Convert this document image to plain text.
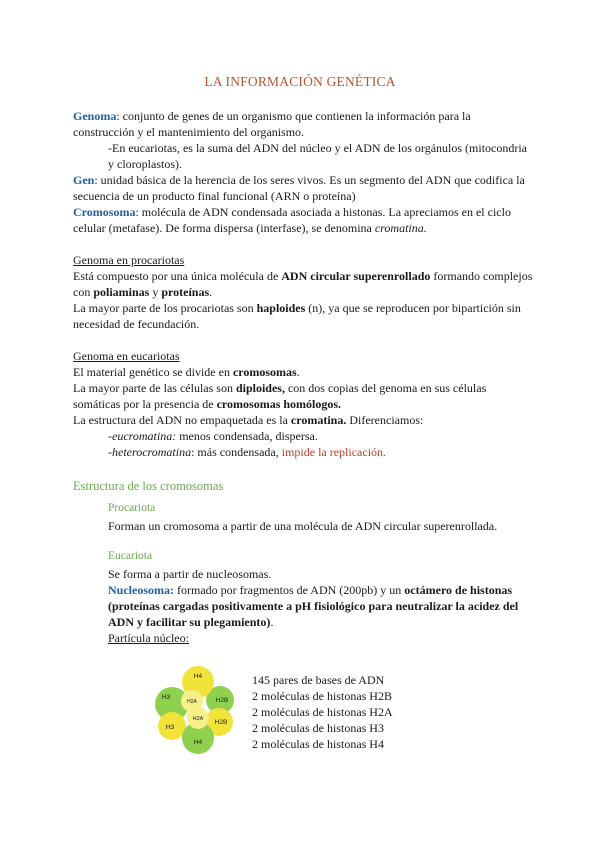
LA INFORMACIÓN GENÉTICA

Genoma: conjunto de genes de un organismo que contienen la información para la construcción y el mantenimiento del organismo.

-En eucariotas, es la suma del ADN del núcleo y el ADN de los orgánulos (mitocondria y cloroplastos).

Gen: unidad básica de la herencia de los seres vivos. Es un segmento del ADN que codifica la secuencia de un producto final funcional (ARN o proteína)

Cromosoma: molécula de ADN condensada asociada a histonas. La apreciamos en el ciclo celular (metafase). De forma dispersa (interfase), se denomina cromatina.

Genoma en procariotas

Está compuesto por una única molécula de ADN circular superenrollado formando complejos con poliaminas y proteínas.

La mayor parte de los procariotas son haploides (n), ya que se reproducen por bipartición sin necesidad de fecundación.

Genoma en eucariotas

El material genético se divide en cromosomas.

La mayor parte de las células son diploides, con dos copias del genoma en sus células somáticas por la presencia de cromosomas homólogos.

La estructura del ADN no empaquetada es la cromatina. Diferenciamos:

-eucromatina: menos condensada, dispersa.

-heterocromatina: más condensada, impide la replicación.

Estructura de los cromosomas

Procariota

Forman un cromosoma a partir de una molécula de ADN circular superenrollada.

Eucariota

Se forma a partir de nucleosomas.

Nucleosoma: formado por fragmentos de ADN (200pb) y un octámero de histonas (proteínas cargadas positivamente a pH fisiológico para neutralizar la acidez del ADN y facilitar su plegamiento).

Partícula núcleo:

H4
H3
H2A	H2B
H3
H2A H2B
H4

145 pares de bases de ADN

2 moléculas de histonas H2B

2 moléculas de histonas H2A

2 moléculas de histonas H3

2 moléculas de histonas H4
